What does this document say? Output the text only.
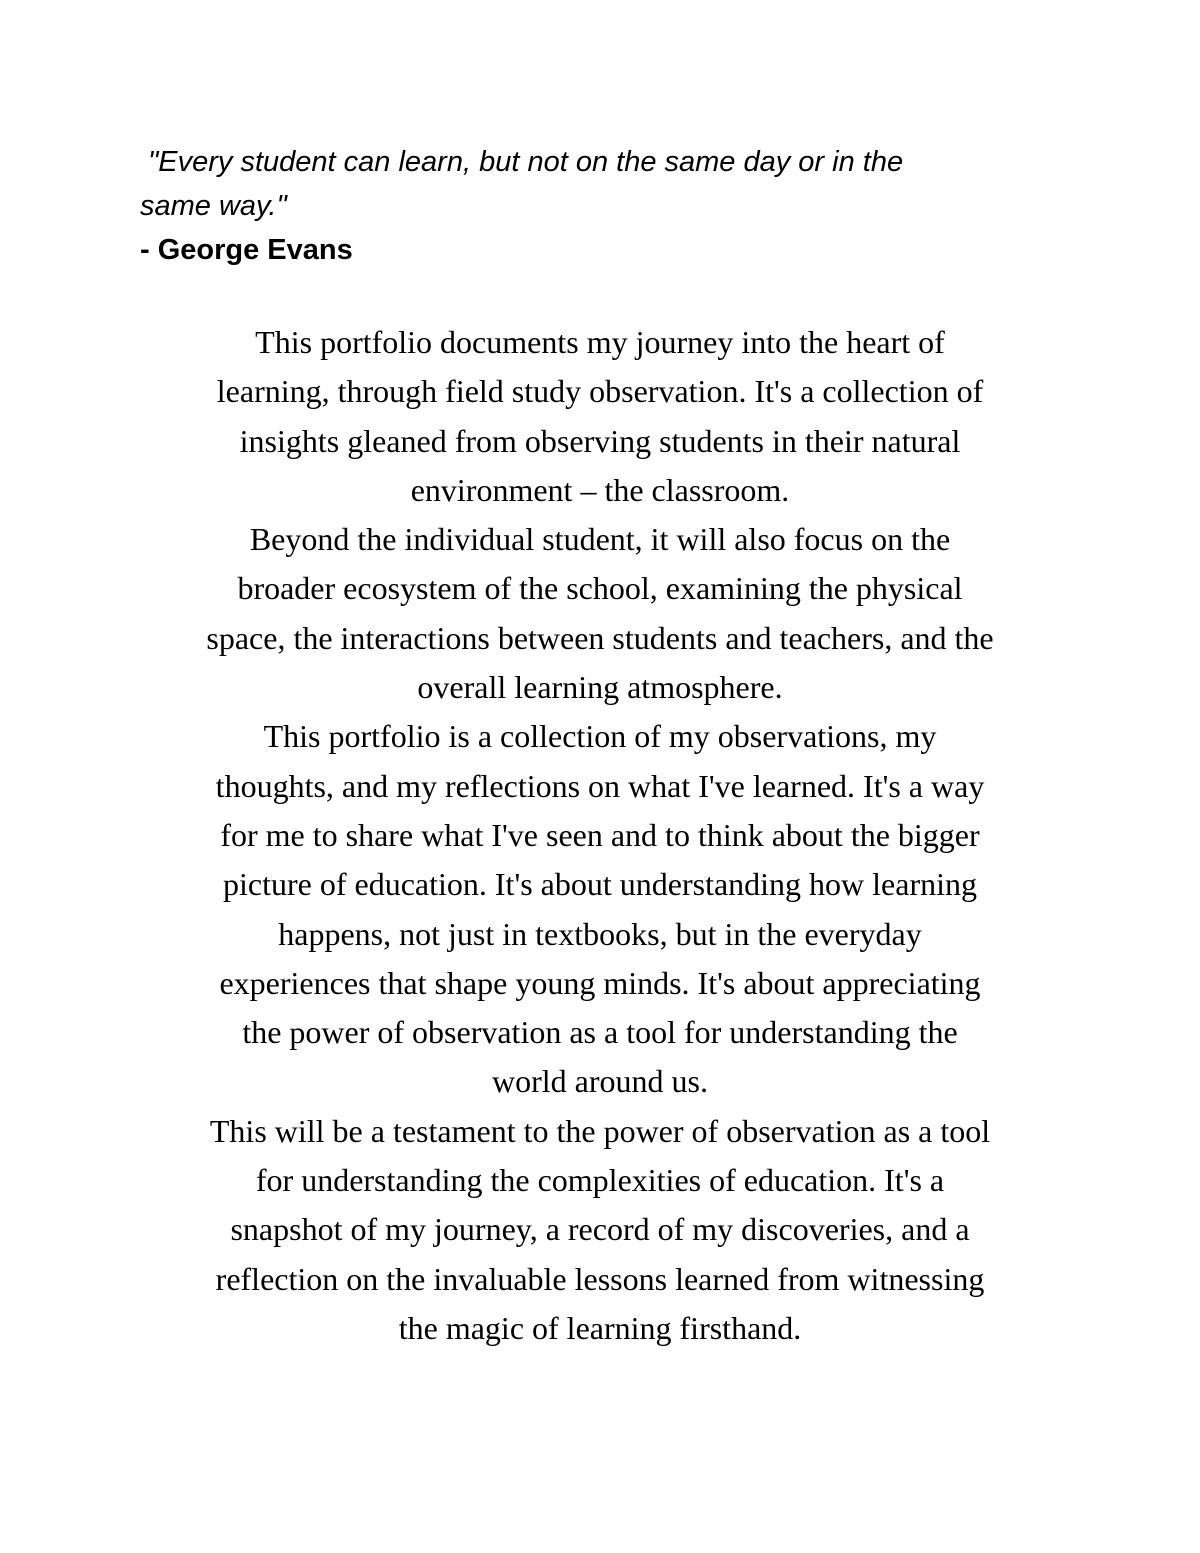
"Every student can learn, but not on the same day or in the
same way."

- George Evans

This portfolio documents my journey into the heart of
learning, through field study observation. It's a collection of
insights gleaned from observing students in their natural
environment – the classroom.
Beyond the individual student, it will also focus on the
broader ecosystem of the school, examining the physical
space, the interactions between students and teachers, and the
overall learning atmosphere.
This portfolio is a collection of my observations, my
thoughts, and my reflections on what I've learned. It's a way
for me to share what I've seen and to think about the bigger
picture of education. It's about understanding how learning
happens, not just in textbooks, but in the everyday
experiences that shape young minds. It's about appreciating
the power of observation as a tool for understanding the
world around us.
This will be a testament to the power of observation as a tool
for understanding the complexities of education. It's a
snapshot of my journey, a record of my discoveries, and a
reflection on the invaluable lessons learned from witnessing
the magic of learning firsthand.
